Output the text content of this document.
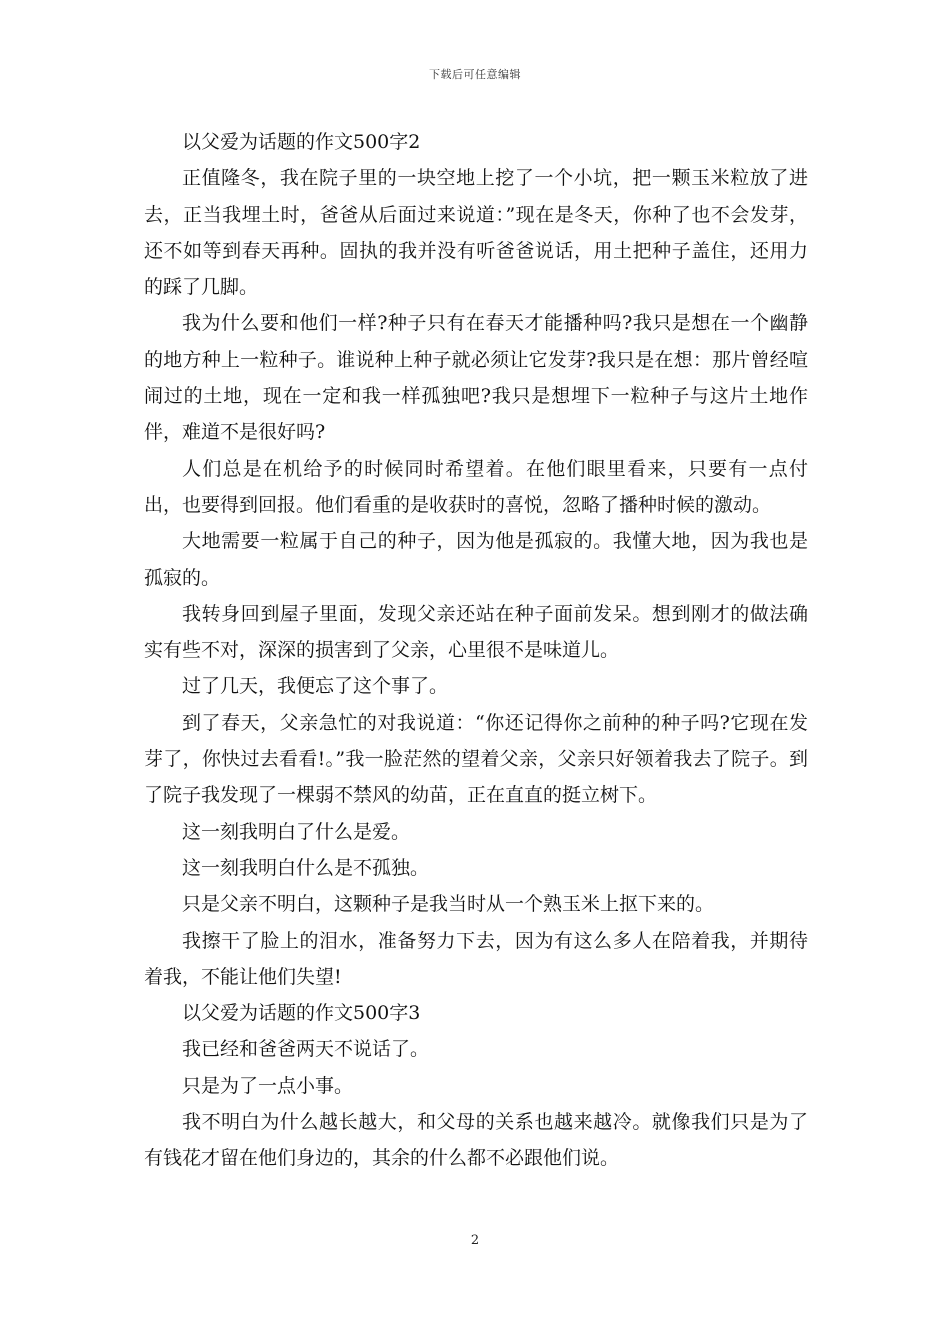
下载后可任意编辑

以父爱为话题的作文500字2

正值隆冬，我在院子里的一块空地上挖了一个小坑，把一颗玉米粒放了进去，正当我埋土时，爸爸从后面过来说道：”现在是冬天，你种了也不会发芽，还不如等到春天再种。固执的我并没有听爸爸说话，用土把种子盖住，还用力的踩了几脚。

我为什么要和他们一样?种子只有在春天才能播种吗?我只是想在一个幽静的地方种上一粒种子。谁说种上种子就必须让它发芽?我只是在想：那片曾经喧闹过的土地，现在一定和我一样孤独吧?我只是想埋下一粒种子与这片土地作伴，难道不是很好吗?

人们总是在机给予的时候同时希望着。在他们眼里看来，只要有一点付出，也要得到回报。他们看重的是收获时的喜悦，忽略了播种时候的激动。

大地需要一粒属于自己的种子，因为他是孤寂的。我懂大地，因为我也是孤寂的。

我转身回到屋子里面，发现父亲还站在种子面前发呆。想到刚才的做法确实有些不对，深深的损害到了父亲，心里很不是味道儿。

过了几天，我便忘了这个事了。

到了春天，父亲急忙的对我说道：“你还记得你之前种的种子吗?它现在发芽了，你快过去看看!。”我一脸茫然的望着父亲，父亲只好领着我去了院子。到了院子我发现了一棵弱不禁风的幼苗，正在直直的挺立树下。

这一刻我明白了什么是爱。

这一刻我明白什么是不孤独。

只是父亲不明白，这颗种子是我当时从一个熟玉米上抠下来的。

我擦干了脸上的泪水，准备努力下去，因为有这么多人在陪着我，并期待着我，不能让他们失望!

以父爱为话题的作文500字3

我已经和爸爸两天不说话了。

只是为了一点小事。

我不明白为什么越长越大，和父母的关系也越来越冷。就像我们只是为了有钱花才留在他们身边的，其余的什么都不必跟他们说。

2
